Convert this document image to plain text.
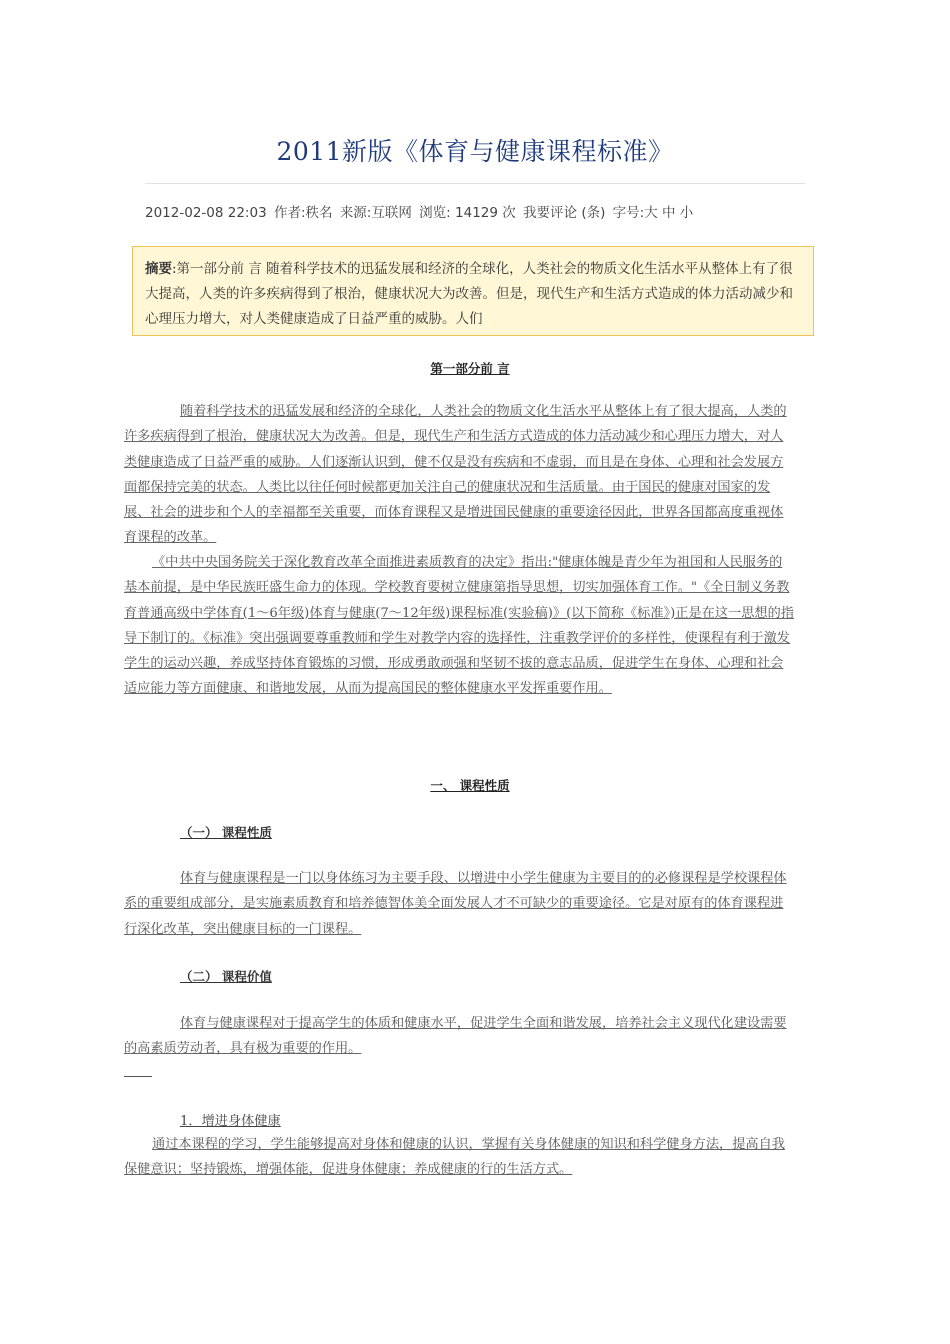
2011新版《体育与健康课程标准》
2012-02-08 22:03 作者:秩名 来源:互联网 浏览: 14129 次 我要评论 (条) 字号:大 中 小
摘要:第一部分前 言 随着科学技术的迅猛发展和经济的全球化，人类社会的物质文化生活水平从整体上有了很大提高，人类的许多疾病得到了根治，健康状况大为改善。但是，现代生产和生活方式造成的体力活动减少和心理压力增大，对人类健康造成了日益严重的威胁。人们
第一部分前 言
随着科学技术的迅猛发展和经济的全球化，人类社会的物质文化生活水平从整体上有了很大提高，人类的许多疾病得到了根治，健康状况大为改善。但是，现代生产和生活方式造成的体力活动减少和心理压力增大，对人类健康造成了日益严重的威胁。人们逐渐认识到，健不仅是没有疾病和不虚弱，而且是在身体、心理和社会发展方面都保持完美的状态。人类比以往任何时候都更加关注自己的健康状况和生活质量。由于国民的健康对国家的发展、社会的进步和个人的幸福都至关重要，而体育课程又是增进国民健康的重要途径因此，世界各国都高度重视体育课程的改革。
《中共中央国务院关于深化教育改革全面推进素质教育的决定》指出:"健康体魄是青少年为祖国和人民服务的基本前提，是中华民族旺盛生命力的体现。学校教育要树立健康第指导思想，切实加强体育工作。"《全日制义务教育普通高级中学体育(1～6年级)体育与健康(7～12年级)课程标准(实验稿)》(以下简称《标准》)正是在这一思想的指导下制订的。《标准》突出强调要尊重教师和学生对教学内容的选择性，注重教学评价的多样性，使课程有利于激发学生的运动兴趣，养成坚持体育锻炼的习惯，形成勇敢顽强和坚韧不拔的意志品质，促进学生在身体、心理和社会适应能力等方面健康、和谐地发展，从而为提高国民的整体健康水平发挥重要作用。
一、 课程性质
（一） 课程性质
体育与健康课程是一门以身体练习为主要手段、以增进中小学生健康为主要目的的必修课程是学校课程体系的重要组成部分，是实施素质教育和培养德智体美全面发展人才不可缺少的重要途径。它是对原有的体育课程进行深化改革，突出健康目标的一门课程。
（二） 课程价值
体育与健康课程对于提高学生的体质和健康水平，促进学生全面和谐发展，培养社会主义现代化建设需要的高素质劳动者，具有极为重要的作用。
1．增进身体健康
通过本课程的学习，学生能够提高对身体和健康的认识，掌握有关身体健康的知识和科学健身方法，提高自我保健意识；坚持锻炼，增强体能，促进身体健康；养成健康的行的生活方式。
